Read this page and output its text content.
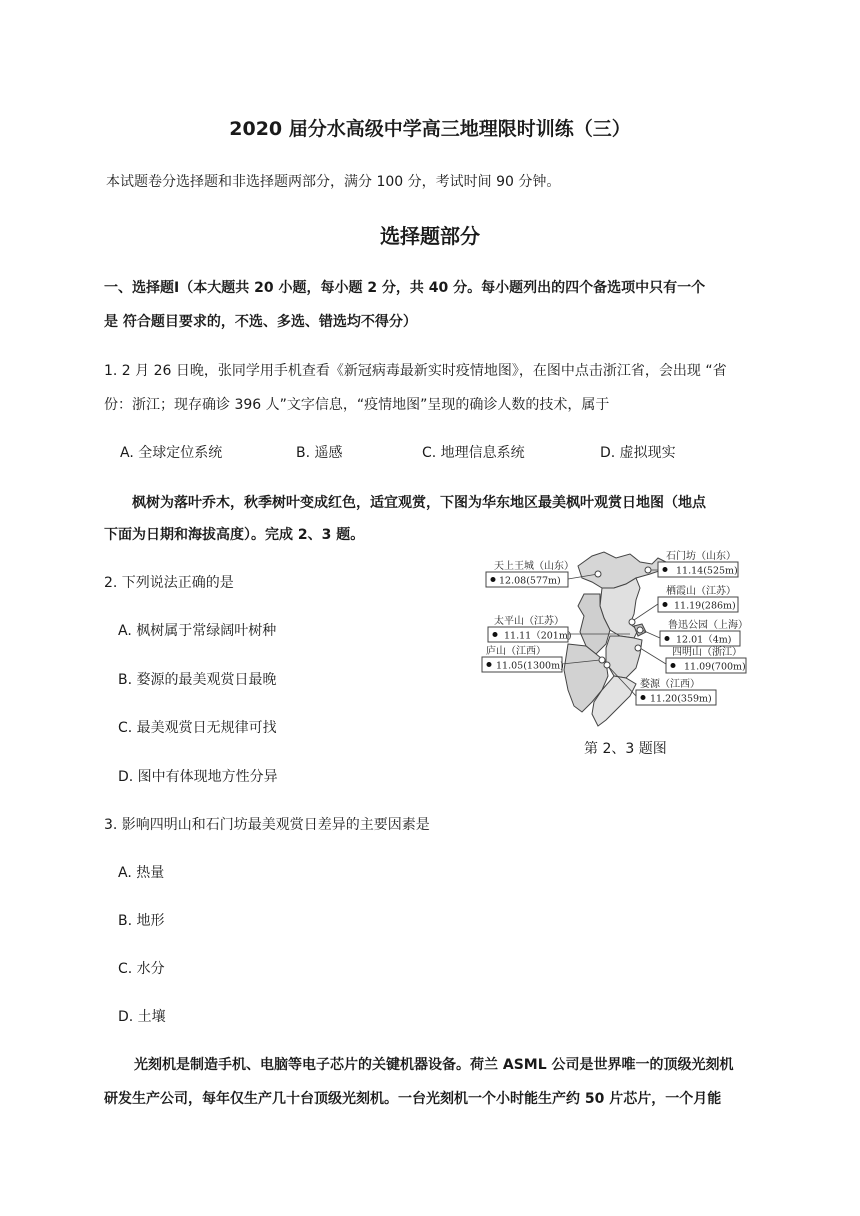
2020 届分水高级中学高三地理限时训练（三）
本试题卷分选择题和非选择题两部分，满分 100 分，考试时间 90 分钟。
选择题部分
一、选择题Ⅰ（本大题共 20 小题，每小题 2 分，共 40 分。每小题列出的四个备选项中只有一个
是 符合题目要求的，不选、多选、错选均不得分）
1. 2 月 26 日晚，张同学用手机查看《新冠病毒最新实时疫情地图》，在图中点击浙江省，会出现 “省
份：浙江；现存确诊 396 人”文字信息，“疫情地图”呈现的确诊人数的技术，属于
A. 全球定位系统	B. 遥感	C. 地理信息系统	D. 虚拟现实
枫树为落叶乔木，秋季树叶变成红色，适宜观赏，下图为华东地区最美枫叶观赏日地图（地点
下面为日期和海拔高度）。完成 2、3 题。
2. 下列说法正确的是
A. 枫树属于常绿阔叶树种
B. 婺源的最美观赏日最晚
C. 最美观赏日无规律可找
D. 图中有体现地方性分异
3. 影响四明山和石门坊最美观赏日差异的主要因素是
A. 热量
B. 地形
C. 水分
D. 土壤
光刻机是制造手机、电脑等电子芯片的关键机器设备。荷兰 ASML 公司是世界唯一的顶级光刻机
研发生产公司，每年仅生产几十台顶级光刻机。一台光刻机一个小时能生产约 50 片芯片，一个月能
天上王城（山东）
12.08(577m)
石门坊（山东）
11.14(525m)
栖霞山（江苏）
11.19(286m)
太平山（江苏）
11.11（201m)
鲁迅公园（上海）
12.01（4m)
庐山（江西）
11.05(1300m)
四明山（浙江）
11.09(700m)
婺源（江西）
11.20(359m)
第 2、3 题图
